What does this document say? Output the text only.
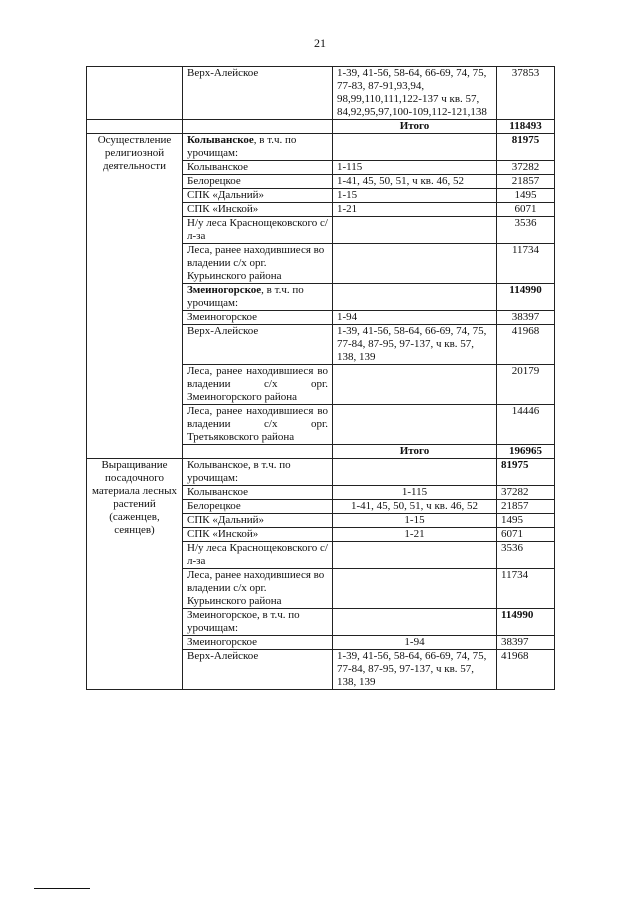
21
	Верх-Алейское	1-39, 41-56, 58-64, 66-69, 74, 75, 77-83, 87-91,93,94, 98,99,110,111,122-137 ч кв. 57, 84,92,95,97,100-109,112-121,138	37853
		Итого	118493
Осуществление религиозной деятельности	Колыванское, в т.ч. по урочищам:		81975
	Колыванское	1-115	37282
	Белорецкое	1-41, 45, 50, 51, ч кв. 46, 52	21857
	СПК «Дальний»	1-15	1495
	СПК «Инской»	1-21	6071
	Н/у леса Краснощековского с/л-за		3536
	Леса, ранее находившиеся во владении с/х орг. Курьинского района		11734
	Змеиногорское, в т.ч. по урочищам:		114990
	Змеиногорское	1-94	38397
	Верх-Алейское	1-39, 41-56, 58-64, 66-69, 74, 75, 77-84, 87-95, 97-137, ч кв. 57, 138, 139	41968
	Леса, ранее находившиеся во владении с/х орг. Змеиногорского района		20179
	Леса, ранее находившиеся во владении с/х орг. Третьяковского района		14446
		Итого	196965
Выращивание посадочного материала лесных растений (саженцев, сеянцев)	Колыванское, в т.ч. по урочищам:		81975
	Колыванское	1-115	37282
	Белорецкое	1-41, 45, 50, 51, ч кв. 46, 52	21857
	СПК «Дальний»	1-15	1495
	СПК «Инской»	1-21	6071
	Н/у леса Краснощековского с/л-за		3536
	Леса, ранее находившиеся во владении с/х орг. Курьинского района		11734
	Змеиногорское, в т.ч. по урочищам:		114990
	Змеиногорское	1-94	38397
	Верх-Алейское	1-39, 41-56, 58-64, 66-69, 74, 75, 77-84, 87-95, 97-137, ч кв. 57, 138, 139	41968
